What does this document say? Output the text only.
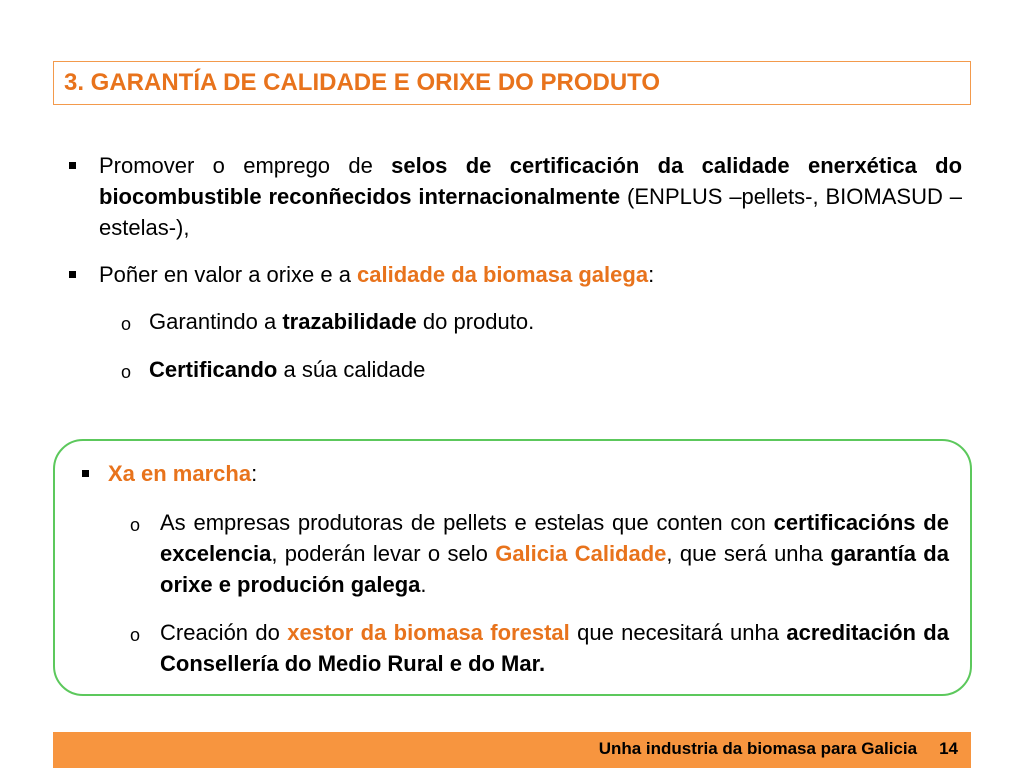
3. GARANTÍA DE CALIDADE E ORIXE DO PRODUTO
Promover o emprego de selos de certificación da calidade enerxética do biocombustible reconñecidos internacionalmente (ENPLUS –pellets-, BIOMASUD –estelas-),
Poñer en valor a orixe e a calidade da biomasa galega:
o Garantindo a trazabilidade do produto.
o Certificando a súa calidade
Xa en marcha:
o As empresas produtoras de pellets e estelas que conten con certificacións de excelencia, poderán levar o selo Galicia Calidade, que será unha garantía da orixe e produción galega.
o Creación do xestor da biomasa forestal que necesitará unha acreditación da Consellería do Medio Rural e do Mar.
Unha industria da biomasa para Galicia 14
